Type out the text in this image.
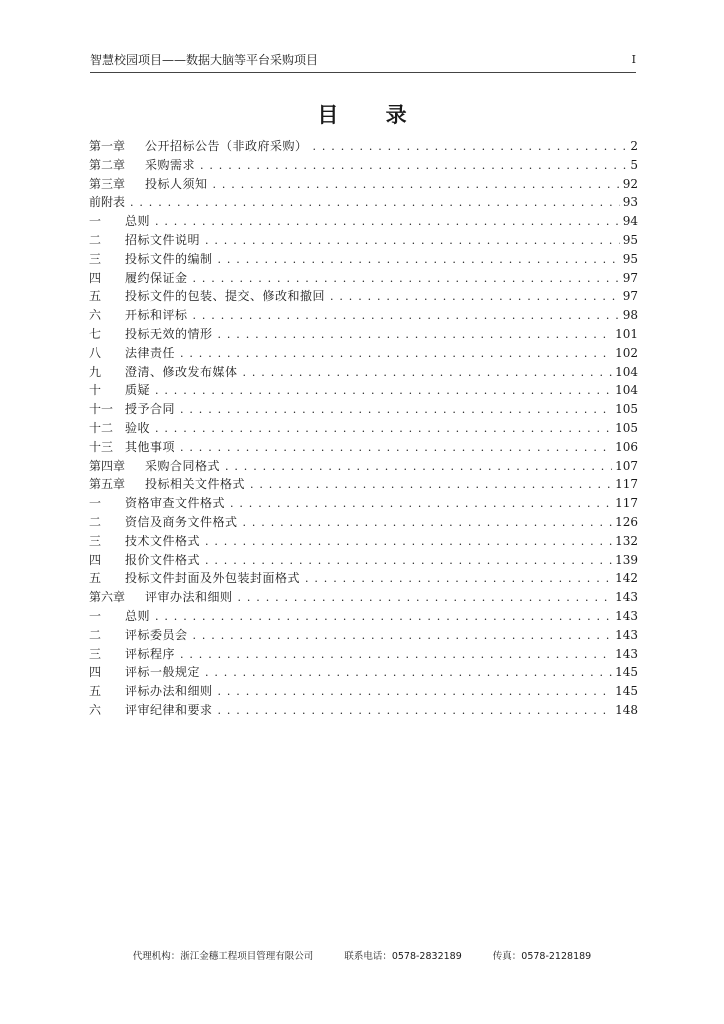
智慧校园项目——数据大脑等平台采购项目	I
目 录
第一章	公开招标公告（非政府采购） . . .	2
第二章	采购需求 . . .	5
第三章	投标人须知 . . .	92
前附表 . . .	93
一	总则 . . .	94
二	招标文件说明 . . .	95
三	投标文件的编制 . . .	95
四	履约保证金 . . .	97
五	投标文件的包装、提交、修改和撤回 . . .	97
六	开标和评标 . . .	98
七	投标无效的情形 . . .	101
八	法律责任 . . .	102
九	澄清、修改发布媒体 . . .	104
十	质疑 . . .	104
十一 授予合同 . . .	105
十二 验收 . . .	105
十三 其他事项 . . .	106
第四章	采购合同格式 . . .	107
第五章	投标相关文件格式 . . .	117
一	资格审查文件格式 . . .	117
二	资信及商务文件格式 . . .	126
三	技术文件格式 . . .	132
四	报价文件格式 . . .	139
五	投标文件封面及外包装封面格式 . . .	142
第六章	评审办法和细则 . . .	143
一	总则 . . .	143
二	评标委员会 . . .	143
三	评标程序 . . .	143
四	评标一般规定 . . .	145
五	评标办法和细则 . . .	145
六	评审纪律和要求 . . .	148
代理机构：浙江金穗工程项目管理有限公司	联系电话：0578-2832189	传真：0578-2128189
